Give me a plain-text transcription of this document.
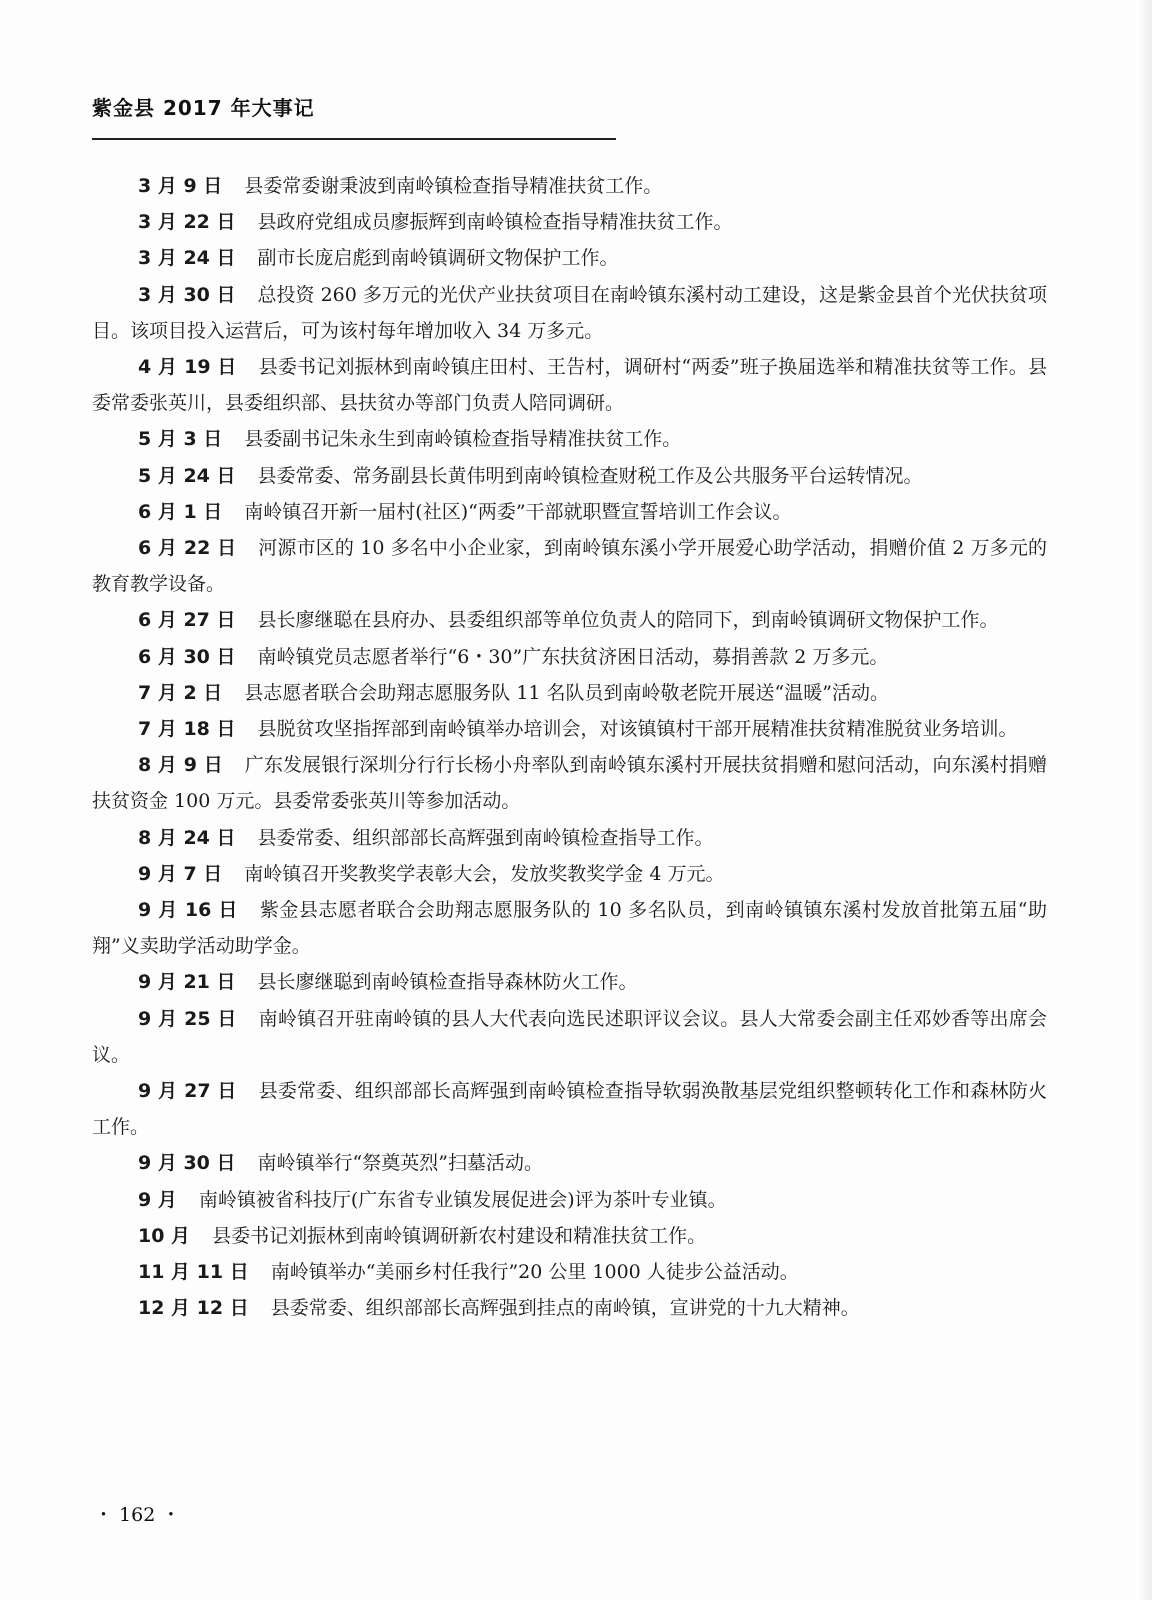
紫金县 2017 年大事记

3 月 9 日 县委常委谢秉波到南岭镇检查指导精准扶贫工作。

3 月 22 日 县政府党组成员廖振辉到南岭镇检查指导精准扶贫工作。

3 月 24 日 副市长庞启彪到南岭镇调研文物保护工作。

3 月 30 日 总投资 260 多万元的光伏产业扶贫项目在南岭镇东溪村动工建设，这是紫金县首个光伏扶贫项目。该项目投入运营后，可为该村每年增加收入 34 万多元。

4 月 19 日 县委书记刘振林到南岭镇庄田村、王告村，调研村“两委”班子换届选举和精准扶贫等工作。县委常委张英川，县委组织部、县扶贫办等部门负责人陪同调研。

5 月 3 日 县委副书记朱永生到南岭镇检查指导精准扶贫工作。

5 月 24 日 县委常委、常务副县长黄伟明到南岭镇检查财税工作及公共服务平台运转情况。

6 月 1 日 南岭镇召开新一届村(社区)“两委”干部就职暨宣誓培训工作会议。

6 月 22 日 河源市区的 10 多名中小企业家，到南岭镇东溪小学开展爱心助学活动，捐赠价值 2 万多元的教育教学设备。

6 月 27 日 县长廖继聪在县府办、县委组织部等单位负责人的陪同下，到南岭镇调研文物保护工作。

6 月 30 日 南岭镇党员志愿者举行“6・30”广东扶贫济困日活动，募捐善款 2 万多元。

7 月 2 日 县志愿者联合会助翔志愿服务队 11 名队员到南岭敬老院开展送“温暖”活动。

7 月 18 日 县脱贫攻坚指挥部到南岭镇举办培训会，对该镇镇村干部开展精准扶贫精准脱贫业务培训。

8 月 9 日 广东发展银行深圳分行行长杨小舟率队到南岭镇东溪村开展扶贫捐赠和慰问活动，向东溪村捐赠扶贫资金 100 万元。县委常委张英川等参加活动。

8 月 24 日 县委常委、组织部部长高辉强到南岭镇检查指导工作。

9 月 7 日 南岭镇召开奖教奖学表彰大会，发放奖教奖学金 4 万元。

9 月 16 日 紫金县志愿者联合会助翔志愿服务队的 10 多名队员，到南岭镇镇东溪村发放首批第五届“助翔”义卖助学活动助学金。

9 月 21 日 县长廖继聪到南岭镇检查指导森林防火工作。

9 月 25 日 南岭镇召开驻南岭镇的县人大代表向选民述职评议会议。县人大常委会副主任邓妙香等出席会议。

9 月 27 日 县委常委、组织部部长高辉强到南岭镇检查指导软弱涣散基层党组织整顿转化工作和森林防火工作。

9 月 30 日 南岭镇举行“祭奠英烈”扫墓活动。

9 月 南岭镇被省科技厅(广东省专业镇发展促进会)评为茶叶专业镇。

10 月 县委书记刘振林到南岭镇调研新农村建设和精准扶贫工作。

11 月 11 日 南岭镇举办“美丽乡村任我行”20 公里 1000 人徒步公益活动。

12 月 12 日 县委常委、组织部部长高辉强到挂点的南岭镇，宣讲党的十九大精神。

・ 162 ・
